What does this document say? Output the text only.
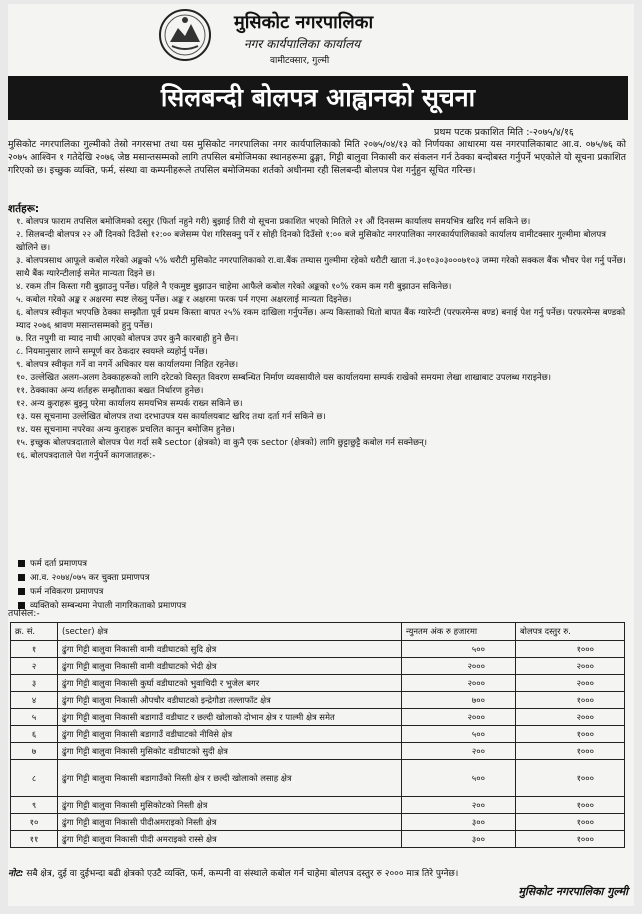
मुसिकोट नगरपालिका
नगर कार्यपालिका कार्यालय
वामीटक्सार, गुल्मी
सिलबन्दी बोलपत्र आह्वानको सूचना
प्रथम पटक प्रकाशित मिति :-२०७५/४/१६
मुसिकोट नगरपालिका गुल्मीको तेस्रो नगरसभा तथा यस मुसिकोट नगरपालिका नगर कार्यपालिकाको मिति २०७५/०४/१३ को निर्णयका आधारमा यस नगरपालिकाबाट आ.व. ०७५/७६ को २०७५ आश्विन १ गतेदेखि २०७६ जेष्ठ मसान्तसम्मको लागि तपसिल बमोजिमका स्थानहरूमा ढुङ्गा, गिट्टी बालुवा निकासी कर संकलन गर्न ठेक्का बन्दोबस्त गर्नुपर्ने भएकोले यो सूचना प्रकाशित गरिएको छ। इच्छुक व्यक्ति, फर्म, संस्था वा कम्पनीहरूले तपसिल बमोजिमका शर्तको अधीनमा रही सिलबन्दी बोलपत्र पेश गर्नुहुन सूचित गरिन्छ।
शर्तहरू:

१. बोलपत्र फाराम तपसिल बमोजिमको दस्तुर (फिर्ता नहुने गरी) बुझाई तिरी यो सूचना प्रकाशित भएको मितिले २१ औं दिनसम्म कार्यालय समयभित्र खरिद गर्न सकिने छ।

२. सिलबन्दी बोलपत्र २२ औं दिनको दिउँसो १२:०० बजेसम्म पेश गरिसक्नु पर्ने र सोही दिनको दिउँसो १:०० बजे मुसिकोट नगरपालिका नगरकार्यपालिकाको कार्यालय वामीटक्सार गुल्मीमा बोलपत्र खोलिने छ।

३. बोलपत्रसाथ आफूले कबोल गरेको अङ्कको ५% धरौटी मुसिकोट नगरपालिकाको रा.वा.बैंक तम्घास गुल्मीमा रहेको धरौटी खाता नं.३०१०३०३०००७१०३ जम्मा गरेको सक्कल बैंक भौचर पेश गर्नु पर्नेछ। साथै बैंक ग्यारेन्टीलाई समेत मान्यता दिइने छ।

४. रकम तीन किस्ता गरी बुझाउनु पर्नेछ। पहिले नै एकमुष्ट बुझाउन चाहेमा आफैले कबोल गरेको अङ्कको १०% रकम कम गरी बुझाउन सकिनेछ।

५. कबोल गरेको अङ्क र अक्षरमा स्पष्ट लेख्नु पर्नेछ। अङ्क र अक्षरमा फरक पर्न गएमा अक्षरलाई मान्यता दिइनेछ।

६. बोलपत्र स्वीकृत भएपछि ठेक्का सम्झौता पूर्व प्रथम किस्ता बापत २५% रकम दाखिला गर्नुपर्नेछ। अन्य किस्ताको धितो बापत बैंक ग्यारेन्टी (परफरमेन्स बण्ड) बनाई पेश गर्नु पर्नेछ। परफरमेन्स बण्डको म्याद २०७६ श्रावण मसान्तसम्मको हुनु पर्नेछ।

७. रित नपुगी वा म्याद नाघी आएको बोलपत्र उपर कुनै कारबाही हुने छैन।

८. नियमानुसार लाग्ने सम्पूर्ण कर ठेकदार स्वयम्ले व्यहोर्नु पर्नेछ।

९. बोलपत्र स्वीकृत गर्ने वा नगर्ने अधिकार यस कार्यालयमा निहित रहनेछ।

१०. उल्लेखित अलग-अलग ठेक्काहरूको लागि दरेटको विस्तृत विवरण सम्बन्धित निर्माण व्यवसायीले यस कार्यालयमा सम्पर्क राखेको समयमा लेखा शाखाबाट उपलब्ध गराइनेछ।

११. ठेक्काका अन्य शर्तहरू सम्झौताका बखत निर्धारण हुनेछ।

१२. अन्य कुराहरू बुझ्नु परेमा कार्यालय समयभित्र सम्पर्क राख्न सकिने छ।

१३. यस सूचनामा उल्लेखित बोलपत्र तथा दरभाउपत्र यस कार्यालयबाट खरिद तथा दर्ता गर्न सकिने छ।

१४. यस सूचनामा नपरेका अन्य कुराहरू प्रचलित कानुन बमोजिम हुनेछ।

१५. इच्छुक बोलपत्रदाताले बोलपत्र पेश गर्दा सबै sector (क्षेत्रको) वा कुनै एक sector (क्षेत्रको) लागि छुट्टाछुट्टै कबोल गर्न सक्नेछन्।

१६. बोलपत्रदाताले पेश गर्नुपर्ने कागजातहरू:-

फर्म दर्ता प्रमाणपत्र
आ.व. २०७४/०७५ कर चुक्ता प्रमाणपत्र
फर्म नविकरण प्रमाणपत्र
व्यक्तिको सम्बन्धमा नेपाली नागरिकताको प्रमाणपत्र
तपसिल:-
क्र. सं.	(secter) क्षेत्र	न्युनतम अंक रु हजारमा	बोलपत्र दस्तुर रु.
१	ढुंगा गिट्टी बालुवा निकासी वामी वडीघाटको सुदि क्षेत्र	५००	१०००
२	ढुंगा गिट्टी बालुवा निकासी वामी वडीघाटको भेदी क्षेत्र	२०००	२०००
३	ढुंगा गिट्टी बालुवा निकासी कुर्घा वडीघाटको भुवाचिदी र भुजेल बगर	२०००	२०००
४	ढुंगा गिट्टी बालुवा निकासी औपचौर वडीघाटको इन्द्रेगौडा तल्लाफॉट क्षेत्र	७००	१०००
५	ढुंगा गिट्टी बालुवा निकासी बडागाउँ वडीघाट र छल्दी खोलाको दोभान क्षेत्र र पाल्मी क्षेत्र समेत	२०००	२०००
६	ढुंगा गिट्टी बालुवा निकासी बडागाउँ वडीघाटको नीविसे क्षेत्र	५००	१०००
७	ढुंगा गिट्टी बालुवा निकासी मुसिकोट वडीघाटको सुदी क्षेत्र	२००	१०००
८	ढुंगा गिट्टी बालुवा निकासी बडागाउँको निस्ती क्षेत्र र छल्दी खोलाको लसाह क्षेत्र	५००	१०००
९	ढुंगा गिट्टी बालुवा निकासी मुसिकोटको निस्ती क्षेत्र	२००	१०००
१०	ढुंगा गिट्टी बालुवा निकासी पीदीअमराइको निस्ती क्षेत्र	३००	१०००
११	ढुंगा गिट्टी बालुवा निकासी पीदी अमराइको रास्से क्षेत्र	३००	१०००
नोट: सबै क्षेत्र, दुई वा दुईभन्दा बढी क्षेत्रको एउटै व्यक्ति, फर्म, कम्पनी वा संस्थाले कबोल गर्न चाहेमा बोलपत्र दस्तुर रु २००० मात्र तिरे पुग्नेछ।
मुसिकोट नगरपालिका गुल्मी
